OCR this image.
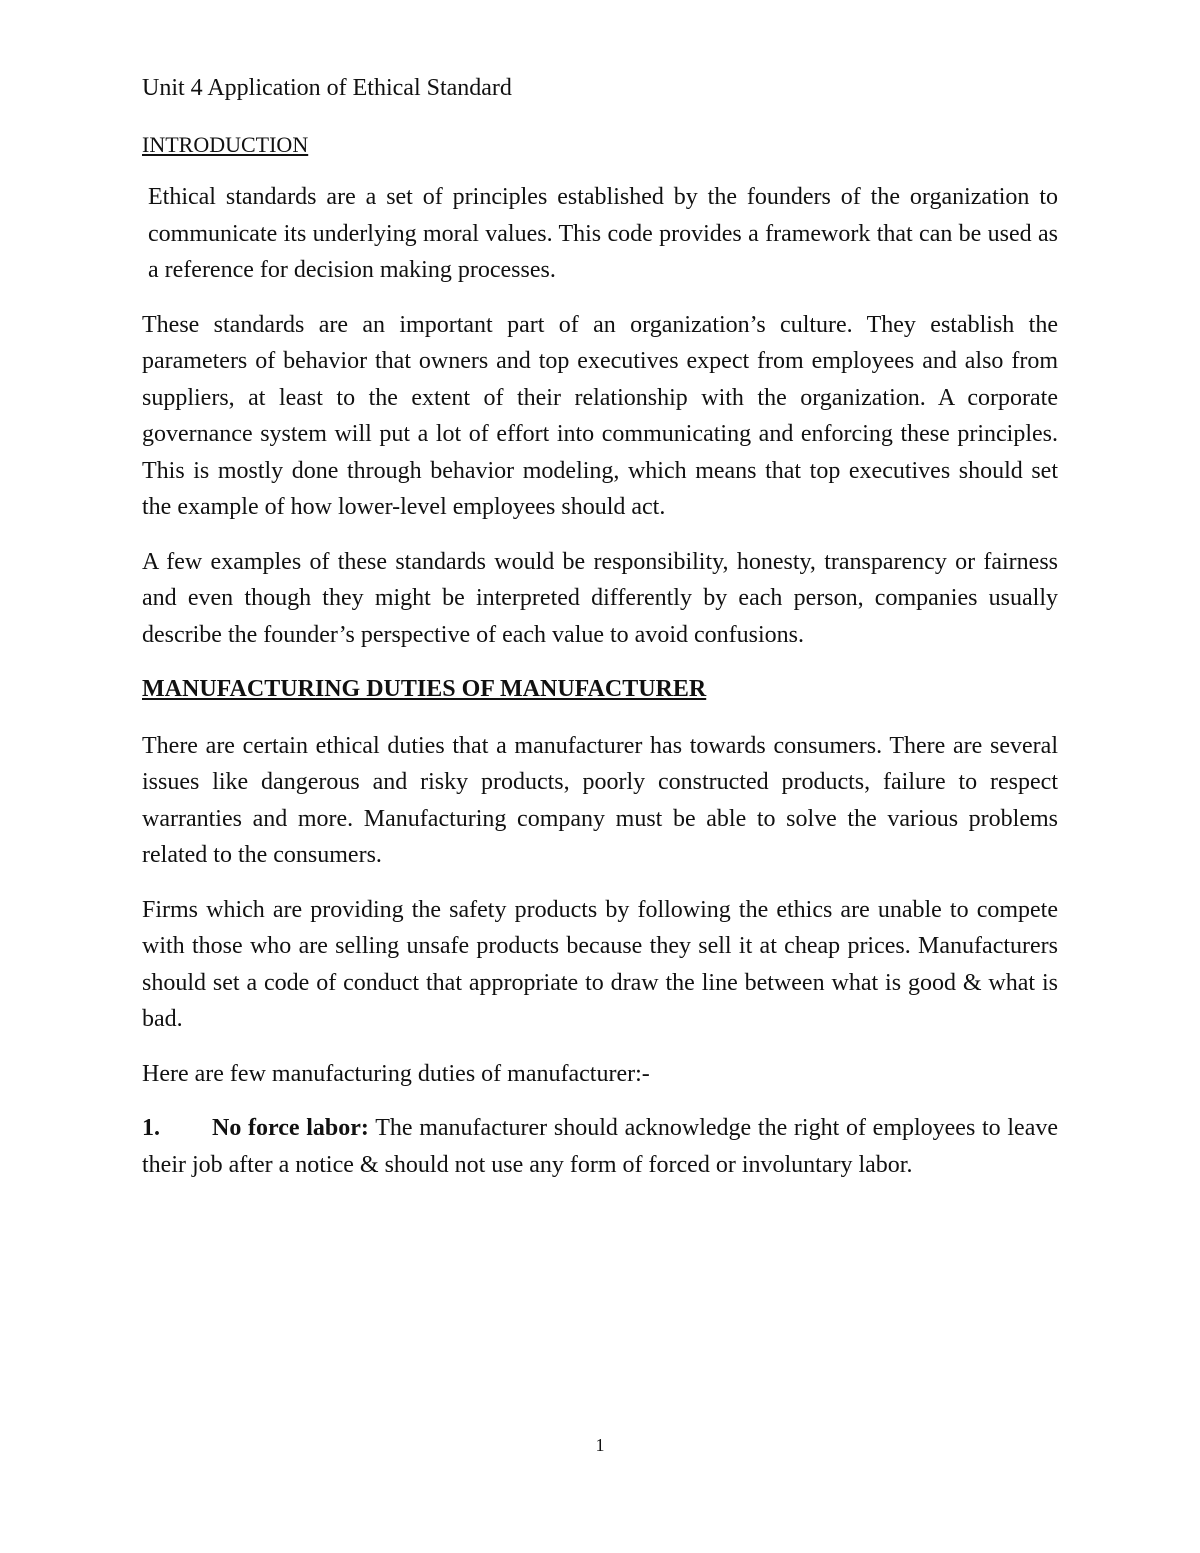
Unit 4 Application of Ethical Standard
INTRODUCTION

Ethical standards are a set of principles established by the founders of the organization to communicate its underlying moral values. This code provides a framework that can be used as a reference for decision making processes.

These standards are an important part of an organization’s culture. They establish the parameters of behavior that owners and top executives expect from employees and also from suppliers, at least to the extent of their relationship with the organization. A corporate governance system will put a lot of effort into communicating and enforcing these principles. This is mostly done through behavior modeling, which means that top executives should set the example of how lower-level employees should act.

A few examples of these standards would be responsibility, honesty, transparency or fairness and even though they might be interpreted differently by each person, companies usually describe the founder’s perspective of each value to avoid confusions.

MANUFACTURING DUTIES OF MANUFACTURER

There are certain ethical duties that a manufacturer has towards consumers. There are several issues like dangerous and risky products, poorly constructed products, failure to respect warranties and more. Manufacturing company must be able to solve the various problems related to the consumers.

Firms which are providing the safety products by following the ethics are unable to compete with those who are selling unsafe products because they sell it at cheap prices. Manufacturers should set a code of conduct that appropriate to draw the line between what is good & what is bad.

Here are few manufacturing duties of manufacturer:-

1. No force labor: The manufacturer should acknowledge the right of employees to leave their job after a notice & should not use any form of forced or involuntary labor.

1
